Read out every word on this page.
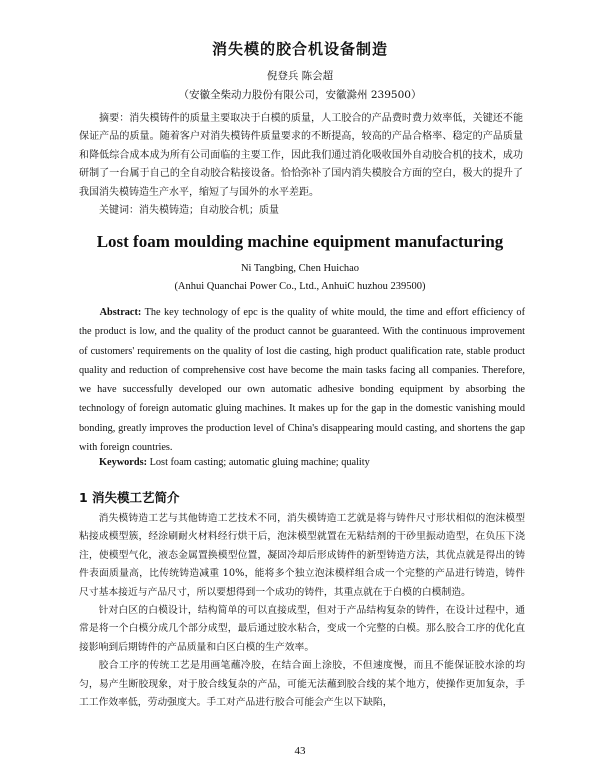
消失模的胶合机设备制造
倪登兵 陈会超
（安徽全柴动力股份有限公司，安徽滁州 239500）
摘要：消失模铸件的质量主要取决于白模的质量，人工胶合的产品费时费力效率低，关键还不能保证产品的质量。随着客户对消失模铸件质量要求的不断提高，较高的产品合格率、稳定的产品质量和降低综合成本成为所有公司面临的主要工作，因此我们通过消化吸收国外自动胶合机的技术，成功研制了一台属于自己的全自动胶合粘接设备。恰恰弥补了国内消失模胶合方面的空白，极大的提升了我国消失模铸造生产水平，缩短了与国外的水平差距。
关键词：消失模铸造；自动胶合机；质量
Lost foam moulding machine equipment manufacturing
Ni Tangbing, Chen Huichao
(Anhui Quanchai Power Co., Ltd., AnhuiC huzhou 239500)
Abstract: The key technology of epc is the quality of white mould, the time and effort efficiency of the product is low, and the quality of the product cannot be guaranteed. With the continuous improvement of customers' requirements on the quality of lost die casting, high product qualification rate, stable product quality and reduction of comprehensive cost have become the main tasks facing all companies. Therefore, we have successfully developed our own automatic adhesive bonding equipment by absorbing the technology of foreign automatic gluing machines. It makes up for the gap in the domestic vanishing mould bonding, greatly improves the production level of China's disappearing mould casting, and shortens the gap with foreign countries.
Keywords: Lost foam casting; automatic gluing machine; quality
1 消失模工艺简介

消失模铸造工艺与其他铸造工艺技术不同，消失模铸造工艺就是将与铸件尺寸形状相似的泡沫模型粘接成模型簇，经涂刷耐火材料经行烘干后，泡沫模型就置在无粘结剂的干砂里振动造型，在负压下浇注，使模型气化，液态金属置换模型位置，凝固冷却后形成铸件的新型铸造方法，其优点就是得出的铸件表面质量高，比传统铸造减重 10%，能将多个独立泡沫模样组合成一个完整的产品进行铸造，铸件尺寸基本接近与产品尺寸，所以要想得到一个成功的铸件，其重点就在于白模的白模制造。

针对白区的白模设计，结构简单的可以直接成型，但对于产品结构复杂的铸件，在设计过程中，通常是将一个白模分成几个部分成型，最后通过胶水粘合，变成一个完整的白模。那么胶合工序的优化直接影响到后期铸件的产品质量和白区白模的生产效率。

胶合工序的传统工艺是用画笔蘸冷胶，在结合面上涂胶，不但速度慢，而且不能保证胶水涂的均匀，易产生断胶现象，对于胶合线复杂的产品，可能无法蘸到胶合线的某个地方，使操作更加复杂，手工工作效率低，劳动强度大。手工对产品进行胶合可能会产生以下缺陷，

43
